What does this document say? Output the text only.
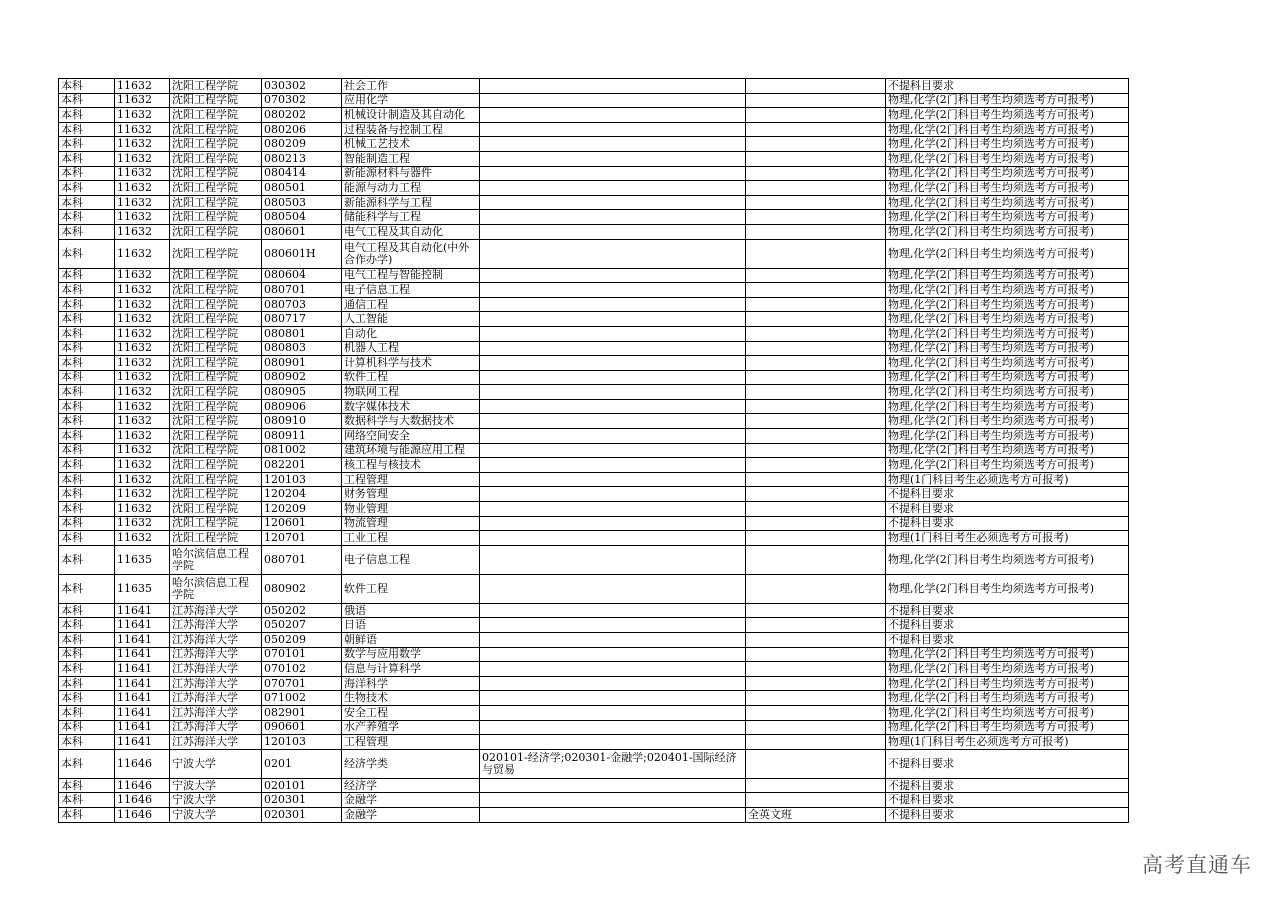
本科	11632	沈阳工程学院	030302	社会工作			不提科目要求
本科	11632	沈阳工程学院	070302	应用化学			物理,化学(2门科目考生均须选考方可报考)
本科	11632	沈阳工程学院	080202	机械设计制造及其自动化			物理,化学(2门科目考生均须选考方可报考)
本科	11632	沈阳工程学院	080206	过程装备与控制工程			物理,化学(2门科目考生均须选考方可报考)
本科	11632	沈阳工程学院	080209	机械工艺技术			物理,化学(2门科目考生均须选考方可报考)
本科	11632	沈阳工程学院	080213	智能制造工程			物理,化学(2门科目考生均须选考方可报考)
本科	11632	沈阳工程学院	080414	新能源材料与器件			物理,化学(2门科目考生均须选考方可报考)
本科	11632	沈阳工程学院	080501	能源与动力工程			物理,化学(2门科目考生均须选考方可报考)
本科	11632	沈阳工程学院	080503	新能源科学与工程			物理,化学(2门科目考生均须选考方可报考)
本科	11632	沈阳工程学院	080504	储能科学与工程			物理,化学(2门科目考生均须选考方可报考)
本科	11632	沈阳工程学院	080601	电气工程及其自动化			物理,化学(2门科目考生均须选考方可报考)
本科	11632	沈阳工程学院	080601H	电气工程及其自动化(中外合作办学)			物理,化学(2门科目考生均须选考方可报考)
本科	11632	沈阳工程学院	080604	电气工程与智能控制			物理,化学(2门科目考生均须选考方可报考)
本科	11632	沈阳工程学院	080701	电子信息工程			物理,化学(2门科目考生均须选考方可报考)
本科	11632	沈阳工程学院	080703	通信工程			物理,化学(2门科目考生均须选考方可报考)
本科	11632	沈阳工程学院	080717	人工智能			物理,化学(2门科目考生均须选考方可报考)
本科	11632	沈阳工程学院	080801	自动化			物理,化学(2门科目考生均须选考方可报考)
本科	11632	沈阳工程学院	080803	机器人工程			物理,化学(2门科目考生均须选考方可报考)
本科	11632	沈阳工程学院	080901	计算机科学与技术			物理,化学(2门科目考生均须选考方可报考)
本科	11632	沈阳工程学院	080902	软件工程			物理,化学(2门科目考生均须选考方可报考)
本科	11632	沈阳工程学院	080905	物联网工程			物理,化学(2门科目考生均须选考方可报考)
本科	11632	沈阳工程学院	080906	数字媒体技术			物理,化学(2门科目考生均须选考方可报考)
本科	11632	沈阳工程学院	080910	数据科学与大数据技术			物理,化学(2门科目考生均须选考方可报考)
本科	11632	沈阳工程学院	080911	网络空间安全			物理,化学(2门科目考生均须选考方可报考)
本科	11632	沈阳工程学院	081002	建筑环境与能源应用工程			物理,化学(2门科目考生均须选考方可报考)
本科	11632	沈阳工程学院	082201	核工程与核技术			物理,化学(2门科目考生均须选考方可报考)
本科	11632	沈阳工程学院	120103	工程管理			物理(1门科目考生必须选考方可报考)
本科	11632	沈阳工程学院	120204	财务管理			不提科目要求
本科	11632	沈阳工程学院	120209	物业管理			不提科目要求
本科	11632	沈阳工程学院	120601	物流管理			不提科目要求
本科	11632	沈阳工程学院	120701	工业工程			物理(1门科目考生必须选考方可报考)
本科	11635	哈尔滨信息工程学院	080701	电子信息工程			物理,化学(2门科目考生均须选考方可报考)
本科	11635	哈尔滨信息工程学院	080902	软件工程			物理,化学(2门科目考生均须选考方可报考)
本科	11641	江苏海洋大学	050202	俄语			不提科目要求
本科	11641	江苏海洋大学	050207	日语			不提科目要求
本科	11641	江苏海洋大学	050209	朝鲜语			不提科目要求
本科	11641	江苏海洋大学	070101	数学与应用数学			物理,化学(2门科目考生均须选考方可报考)
本科	11641	江苏海洋大学	070102	信息与计算科学			物理,化学(2门科目考生均须选考方可报考)
本科	11641	江苏海洋大学	070701	海洋科学			物理,化学(2门科目考生均须选考方可报考)
本科	11641	江苏海洋大学	071002	生物技术			物理,化学(2门科目考生均须选考方可报考)
本科	11641	江苏海洋大学	082901	安全工程			物理,化学(2门科目考生均须选考方可报考)
本科	11641	江苏海洋大学	090601	水产养殖学			物理,化学(2门科目考生均须选考方可报考)
本科	11641	江苏海洋大学	120103	工程管理			物理(1门科目考生必须选考方可报考)
本科	11646	宁波大学	0201	经济学类	020101-经济学;020301-金融学;020401-国际经济与贸易		不提科目要求
本科	11646	宁波大学	020101	经济学			不提科目要求
本科	11646	宁波大学	020301	金融学			不提科目要求
本科	11646	宁波大学	020301	金融学		全英文班	不提科目要求
高考直通车
